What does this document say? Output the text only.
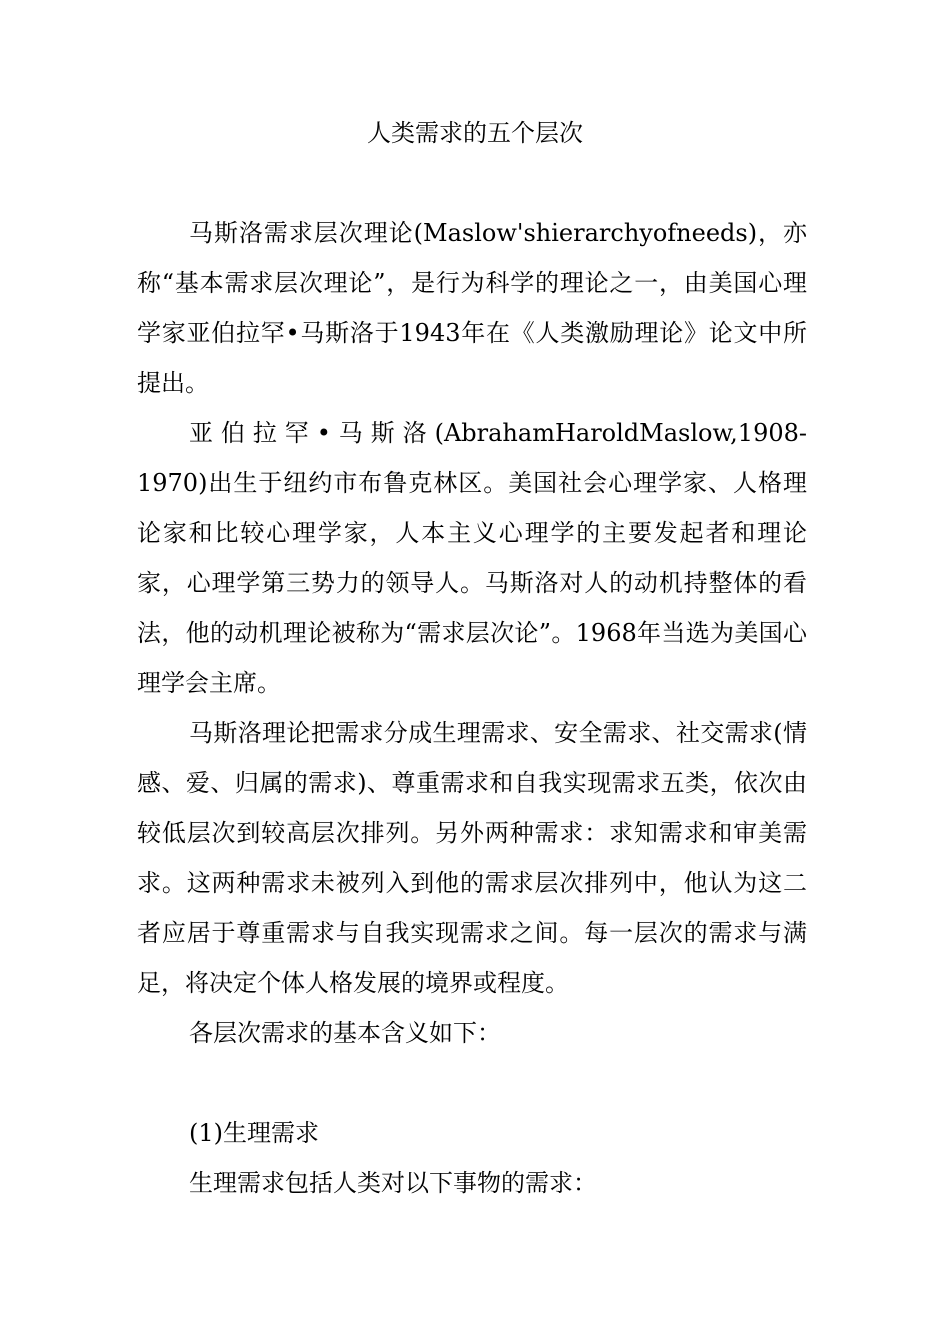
人类需求的五个层次

马斯洛需求层次理论(Maslow'shierarchyofneeds)，亦称“基本需求层次理论”，是行为科学的理论之一，由美国心理学家亚伯拉罕•马斯洛于1943年在《人类激励理论》论文中所提出。

亚伯拉罕•马斯洛(AbrahamHaroldMaslow,1908-1970)出生于纽约市布鲁克林区。美国社会心理学家、人格理论家和比较心理学家，人本主义心理学的主要发起者和理论家，心理学第三势力的领导人。马斯洛对人的动机持整体的看法，他的动机理论被称为“需求层次论”。1968年当选为美国心理学会主席。

马斯洛理论把需求分成生理需求、安全需求、社交需求(情感、爱、归属的需求)、尊重需求和自我实现需求五类，依次由较低层次到较高层次排列。另外两种需求：求知需求和审美需求。这两种需求未被列入到他的需求层次排列中，他认为这二者应居于尊重需求与自我实现需求之间。每一层次的需求与满足，将决定个体人格发展的境界或程度。

各层次需求的基本含义如下：

(1)生理需求

生理需求包括人类对以下事物的需求：
